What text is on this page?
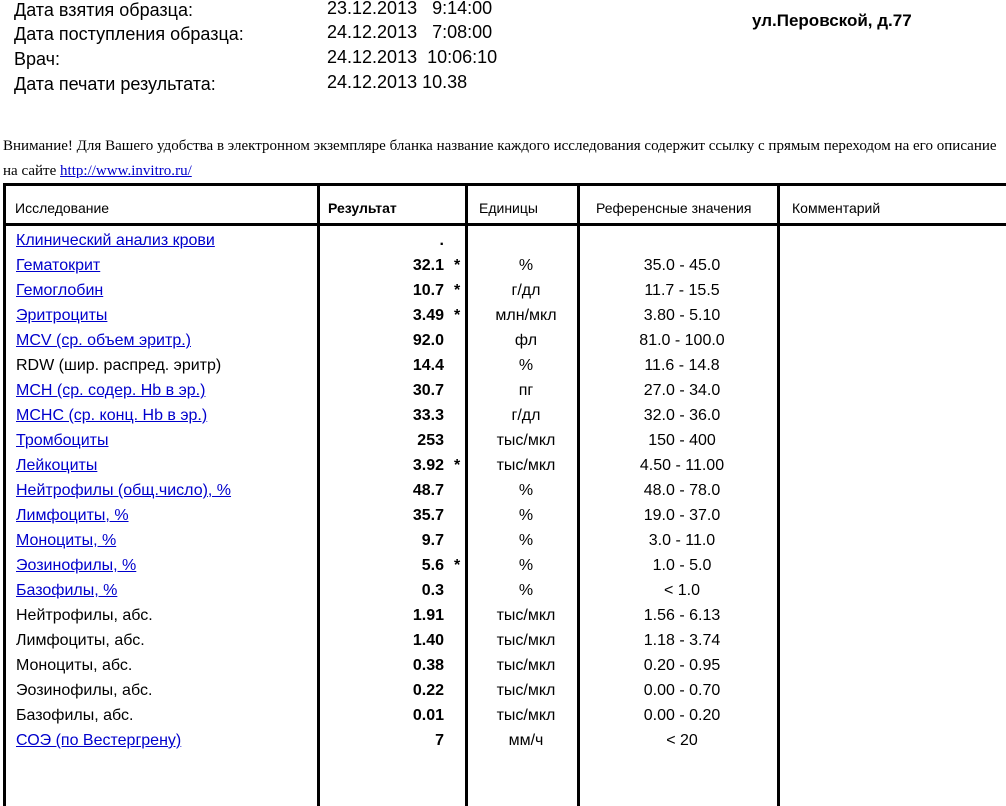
Дата взятия образца:	23.12.2013   9:14:00
Дата поступления образца:	24.12.2013   7:08:00
Врач:	24.12.2013  10:06:10
Дата печати результата:	24.12.2013 10.38
ул.Перовской, д.77
Внимание! Для Вашего удобства в электронном экземпляре бланка название каждого исследования содержит ссылку с прямым переходом на его описание на сайте http://www.invitro.ru/
Исследование	Результат	Единицы	Референсные значения	Комментарий
Клинический анализ крови	.
Гематокрит	32.1 *	%	35.0 - 45.0
Гемоглобин	10.7 *	г/дл	11.7 - 15.5
Эритроциты	3.49 *	млн/мкл	3.80 - 5.10
MCV (ср. объем эритр.)	92.0	фл	81.0 - 100.0
RDW (шир. распред. эритр)	14.4	%	11.6 - 14.8
MCH (ср. содер. Hb в эр.)	30.7	пг	27.0 - 34.0
MCHC (ср. конц. Hb в эр.)	33.3	г/дл	32.0 - 36.0
Тромбоциты	253	тыс/мкл	150 - 400
Лейкоциты	3.92 *	тыс/мкл	4.50 - 11.00
Нейтрофилы (общ.число), %	48.7	%	48.0 - 78.0
Лимфоциты, %	35.7	%	19.0 - 37.0
Моноциты, %	9.7	%	3.0 - 11.0
Эозинофилы, %	5.6 *	%	1.0 - 5.0
Базофилы, %	0.3	%	< 1.0
Нейтрофилы, абс.	1.91	тыс/мкл	1.56 - 6.13
Лимфоциты, абс.	1.40	тыс/мкл	1.18 - 3.74
Моноциты, абс.	0.38	тыс/мкл	0.20 - 0.95
Эозинофилы, абс.	0.22	тыс/мкл	0.00 - 0.70
Базофилы, абс.	0.01	тыс/мкл	0.00 - 0.20
СОЭ (по Вестергрену)	7	мм/ч	< 20
